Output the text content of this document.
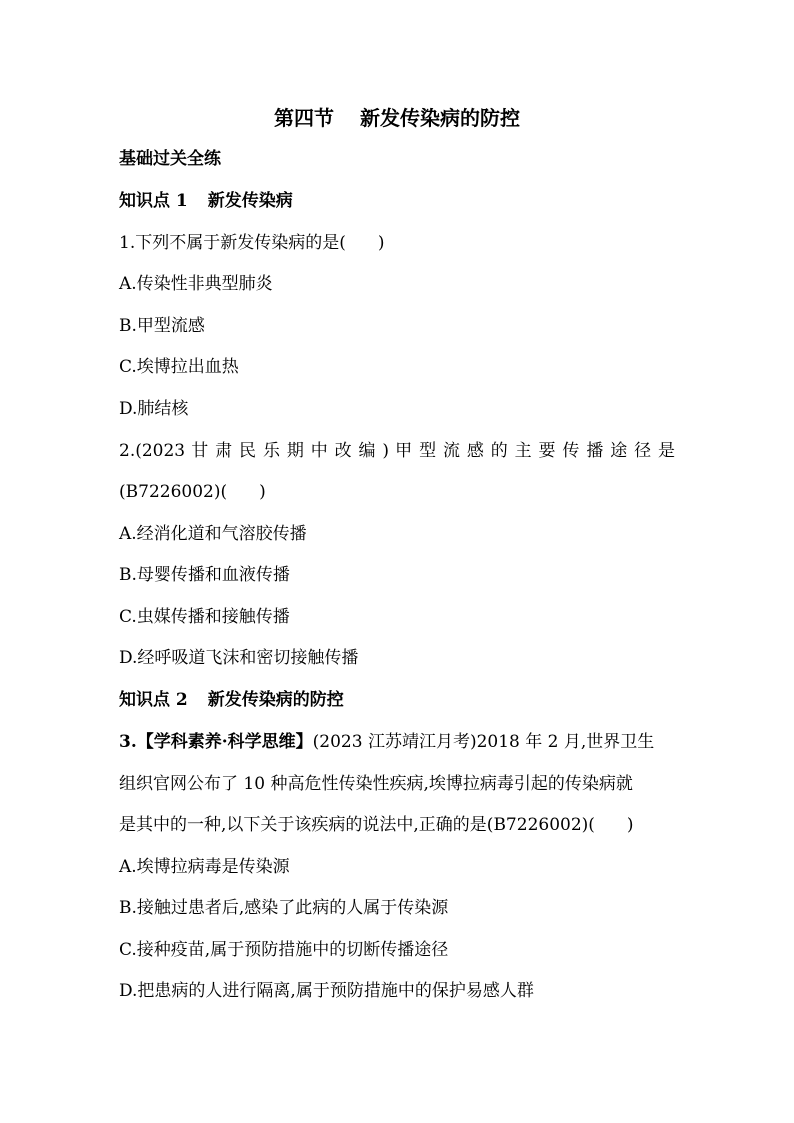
第四节 新发传染病的防控
基础过关全练
知识点 1 新发传染病
1.下列不属于新发传染病的是( )
A.传染性非典型肺炎
B.甲型流感
C.埃博拉出血热
D.肺结核
2.(2023 甘 肃 民 乐 期 中 改 编 ) 甲 型 流 感 的 主 要 传 播 途 径 是
(B7226002)( )
A.经消化道和气溶胶传播
B.母婴传播和血液传播
C.虫媒传播和接触传播
D.经呼吸道飞沫和密切接触传播
知识点 2 新发传染病的防控
3.【学科素养·科学思维】(2023 江苏靖江月考)2018 年 2 月,世界卫生
组织官网公布了 10 种高危性传染性疾病,埃博拉病毒引起的传染病就
是其中的一种,以下关于该疾病的说法中,正确的是(B7226002)( )
A.埃博拉病毒是传染源
B.接触过患者后,感染了此病的人属于传染源
C.接种疫苗,属于预防措施中的切断传播途径
D.把患病的人进行隔离,属于预防措施中的保护易感人群
